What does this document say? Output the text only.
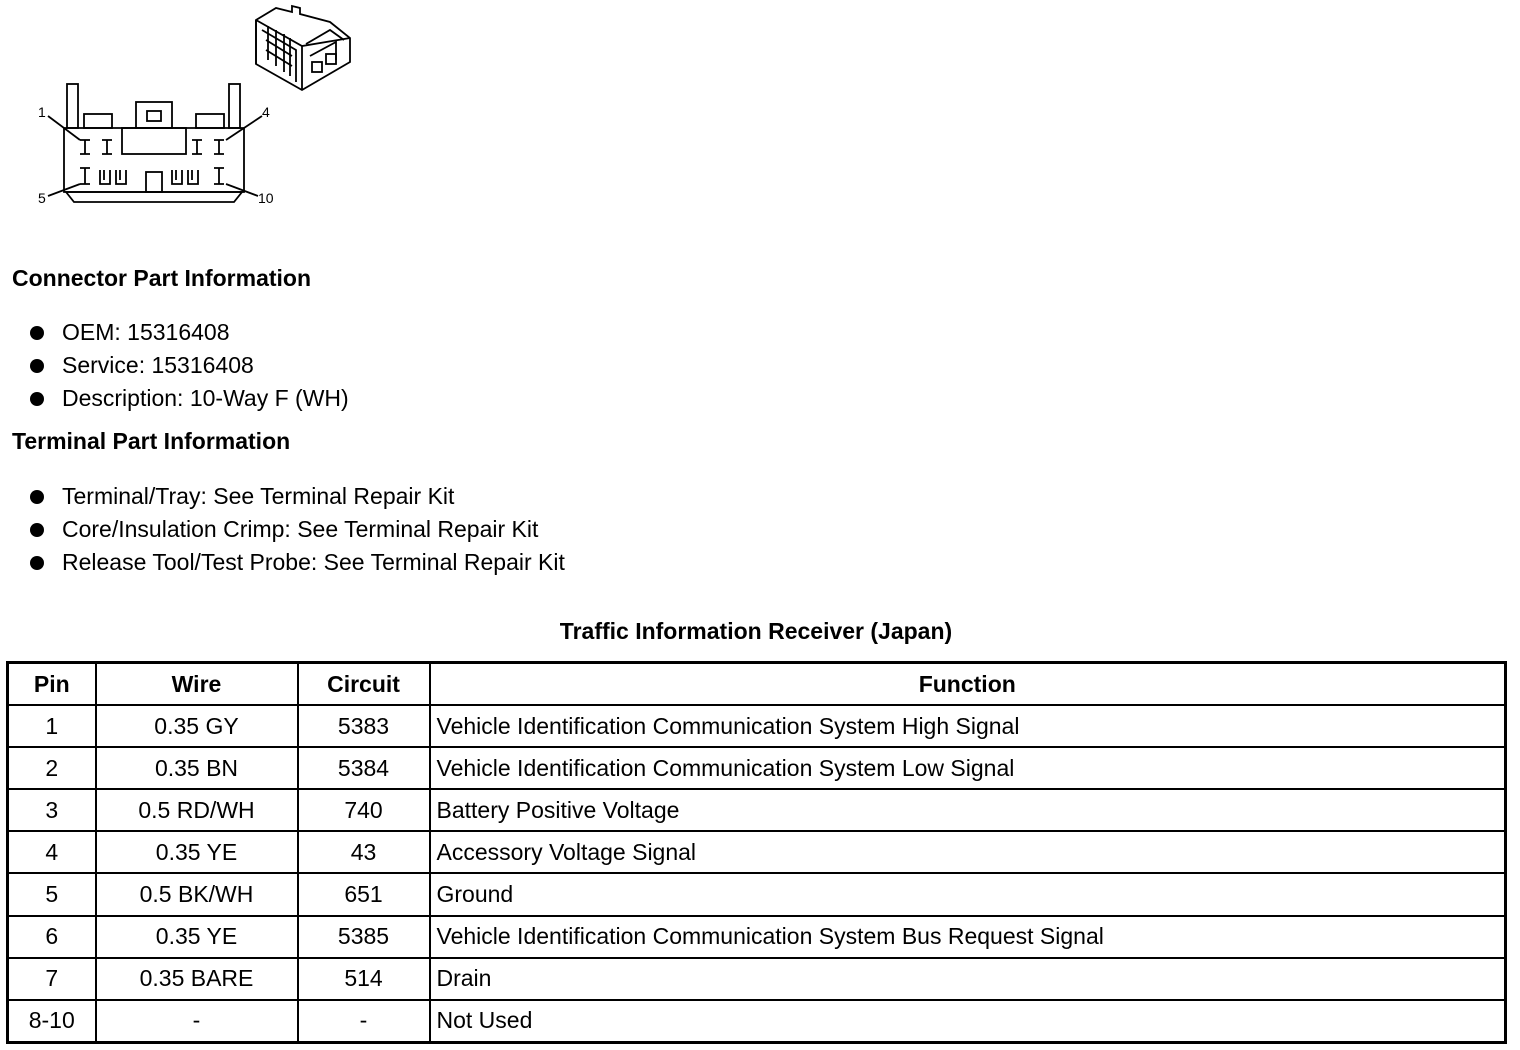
1	4
5	10
Connector Part Information
OEM: 15316408
Service: 15316408
Description: 10-Way F (WH)
Terminal Part Information
Terminal/Tray: See Terminal Repair Kit
Core/Insulation Crimp: See Terminal Repair Kit
Release Tool/Test Probe: See Terminal Repair Kit
Traffic Information Receiver (Japan)
Pin	Wire	Circuit	Function
1	0.35 GY	5383	Vehicle Identification Communication System High Signal
2	0.35 BN	5384	Vehicle Identification Communication System Low Signal
3	0.5 RD/WH	740	Battery Positive Voltage
4	0.35 YE	43	Accessory Voltage Signal
5	0.5 BK/WH	651	Ground
6	0.35 YE	5385	Vehicle Identification Communication System Bus Request Signal
7	0.35 BARE	514	Drain
8-10	-	-	Not Used
